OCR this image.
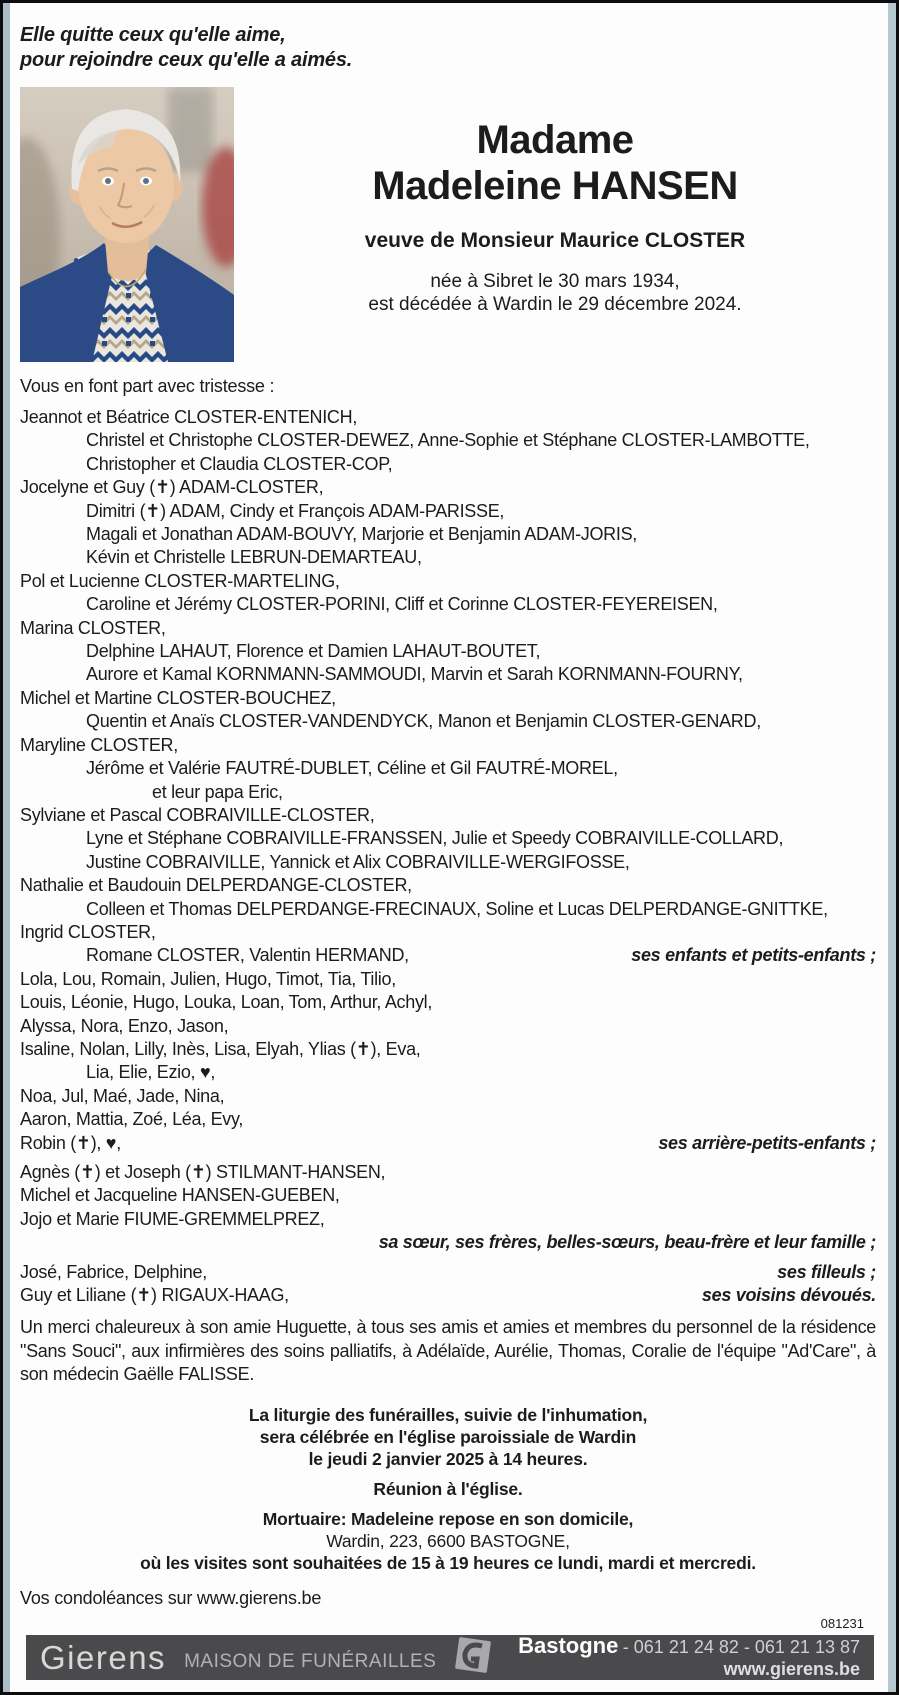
Elle quitte ceux qu'elle aime,
pour rejoindre ceux qu'elle a aimés.
Madame
Madeleine HANSEN
veuve de Monsieur Maurice CLOSTER
née à Sibret le 30 mars 1934,
est décédée à Wardin le 29 décembre 2024.
Vous en font part avec tristesse :
Jeannot et Béatrice CLOSTER-ENTENICH,
Christel et Christophe CLOSTER-DEWEZ, Anne-Sophie et Stéphane CLOSTER-LAMBOTTE,
Christopher et Claudia CLOSTER-COP,
Jocelyne et Guy (✝) ADAM-CLOSTER,
Dimitri (✝) ADAM, Cindy et François ADAM-PARISSE,
Magali et Jonathan ADAM-BOUVY, Marjorie et Benjamin ADAM-JORIS,
Kévin et Christelle LEBRUN-DEMARTEAU,
Pol et Lucienne CLOSTER-MARTELING,
Caroline et Jérémy CLOSTER-PORINI, Cliff et Corinne CLOSTER-FEYEREISEN,
Marina CLOSTER,
Delphine LAHAUT, Florence et Damien LAHAUT-BOUTET,
Aurore et Kamal KORNMANN-SAMMOUDI, Marvin et Sarah KORNMANN-FOURNY,
Michel et Martine CLOSTER-BOUCHEZ,
Quentin et Anaïs CLOSTER-VANDENDYCK, Manon et Benjamin CLOSTER-GENARD,
Maryline CLOSTER,
Jérôme et Valérie FAUTRÉ-DUBLET, Céline et Gil FAUTRÉ-MOREL,
et leur papa Eric,
Sylviane et Pascal COBRAIVILLE-CLOSTER,
Lyne et Stéphane COBRAIVILLE-FRANSSEN, Julie et Speedy COBRAIVILLE-COLLARD,
Justine COBRAIVILLE, Yannick et Alix COBRAIVILLE-WERGIFOSSE,
Nathalie et Baudouin DELPERDANGE-CLOSTER,
Colleen et Thomas DELPERDANGE-FRECINAUX, Soline et Lucas DELPERDANGE-GNITTKE,
Ingrid CLOSTER,
Romane CLOSTER, Valentin HERMAND,	ses enfants et petits-enfants ;
Lola, Lou, Romain, Julien, Hugo, Timot, Tia, Tilio,
Louis, Léonie, Hugo, Louka, Loan, Tom, Arthur, Achyl,
Alyssa, Nora, Enzo, Jason,
Isaline, Nolan, Lilly, Inès, Lisa, Elyah, Ylias (✝), Eva,
Lia, Elie, Ezio, ♥,
Noa, Jul, Maé, Jade, Nina,
Aaron, Mattia, Zoé, Léa, Evy,
Robin (✝), ♥,	ses arrière-petits-enfants ;
Agnès (✝) et Joseph (✝) STILMANT-HANSEN,
Michel et Jacqueline HANSEN-GUEBEN,
Jojo et Marie FIUME-GREMMELPREZ,
sa sœur, ses frères, belles-sœurs, beau-frère et leur famille ;
José, Fabrice, Delphine,	ses filleuls ;
Guy et Liliane (✝) RIGAUX-HAAG,	ses voisins dévoués.

Un merci chaleureux à son amie Huguette, à tous ses amis et amies et membres du personnel de la résidence "Sans Souci", aux infirmières des soins palliatifs, à Adélaïde, Aurélie, Thomas, Coralie de l'équipe "Ad'Care", à son médecin Gaëlle FALISSE.

La liturgie des funérailles, suivie de l'inhumation,
sera célébrée en l'église paroissiale de Wardin
le jeudi 2 janvier 2025 à 14 heures.
Réunion à l'église.
Mortuaire: Madeleine repose en son domicile,
Wardin, 223, 6600 BASTOGNE,
où les visites sont souhaitées de 15 à 19 heures ce lundi, mardi et mercredi.
Vos condoléances sur www.gierens.be
081231
Gierens MAISON DE FUNÉRAILLES
Bastogne - 061 21 24 82 - 061 21 13 87
www.gierens.be
